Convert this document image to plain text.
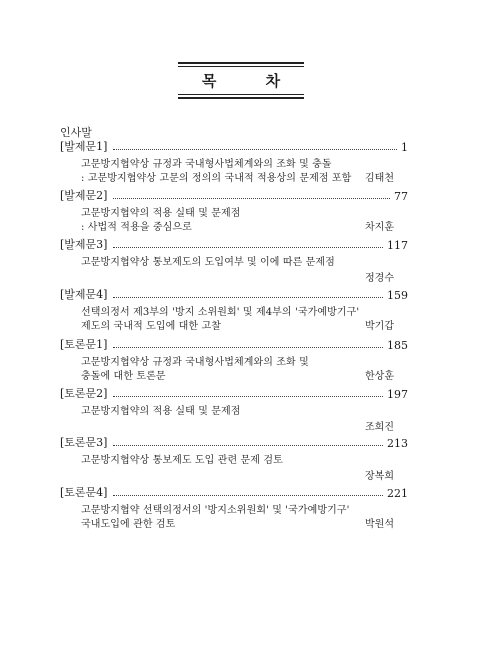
목 차
인사말
[발제문1]	1
고문방지협약상 규정과 국내형사법체계와의 조화 및 충돌
: 고문방지협약상 고문의 정의의 국내적 적용상의 문제점 포함 김태천
[발제문2]	77
고문방지협약의 적용 실태 및 문제점
: 사법적 적용을 중심으로	차지훈
[발제문3]	117
고문방지협약상 통보제도의 도입여부 및 이에 따른 문제점
정경수
[발제문4]	159
선택의정서 제3부의 '방지 소위원회' 및 제4부의 '국가예방기구'
제도의 국내적 도입에 대한 고찰	박기갑
[토론문1]	185
고문방지협약상 규정과 국내형사법체계와의 조화 및
충돌에 대한 토론문	한상훈
[토론문2]	197
고문방지협약의 적용 실태 및 문제점
조희진
[토론문3]	213
고문방지협약상 통보제도 도입 관련 문제 검토
장복희
[토론문4]	221
고문방지협약 선택의정서의 '방지소위원회' 및 '국가예방기구'
국내도입에 관한 검토	박원석
